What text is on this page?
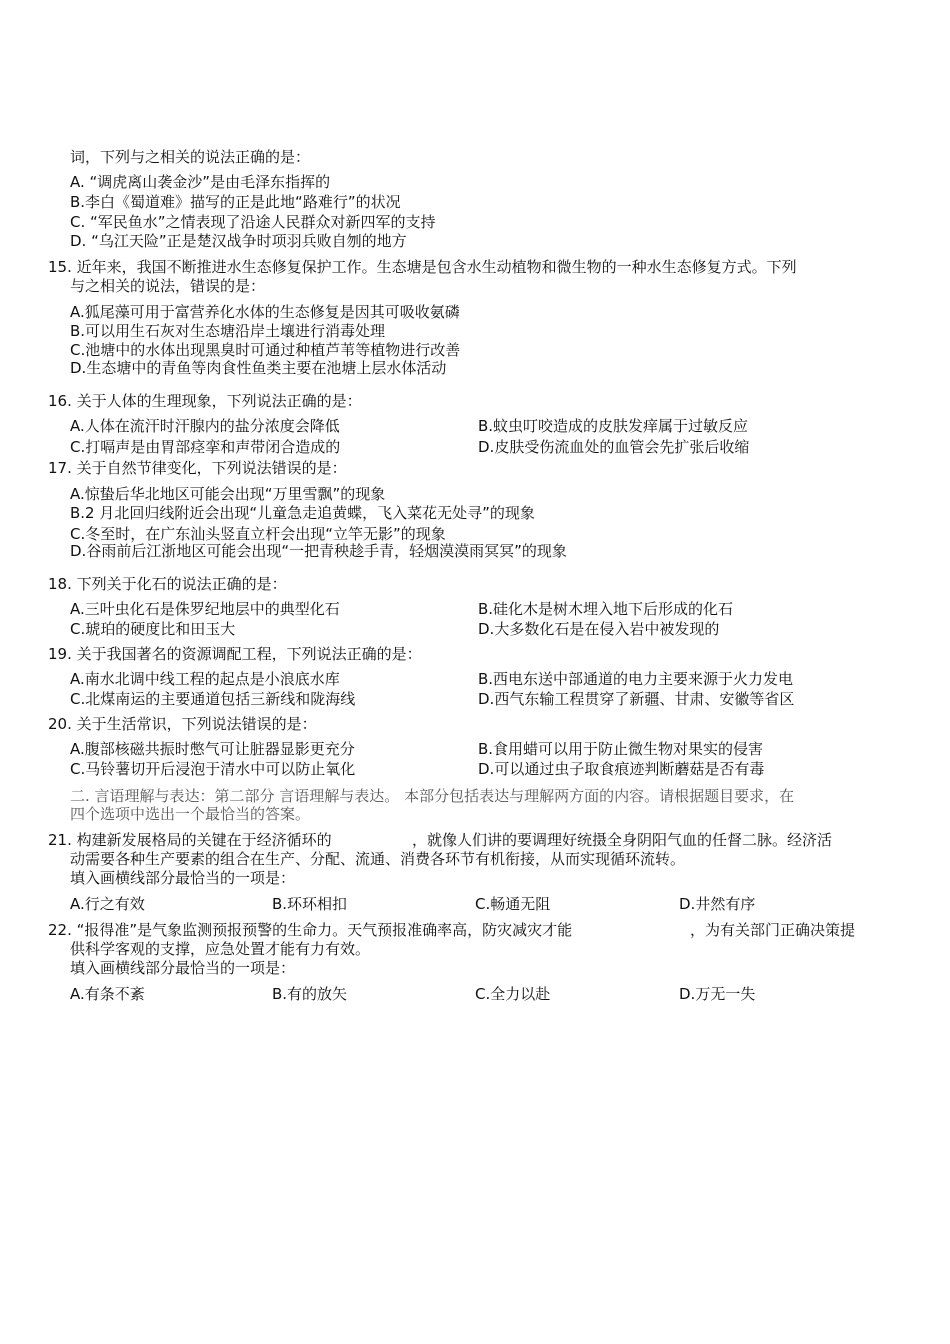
词，下列与之相关的说法正确的是：
A. “调虎离山袭金沙”是由毛泽东指挥的
B.李白《蜀道难》描写的正是此地“路难行”的状况
C. “军民鱼水”之情表现了沿途人民群众对新四军的支持
D. “乌江天险”正是楚汉战争时项羽兵败自刎的地方
15. 近年来，我国不断推进水生态修复保护工作。生态塘是包含水生动植物和微生物的一种水生态修复方式。下列
与之相关的说法，错误的是：
A.狐尾藻可用于富营养化水体的生态修复是因其可吸收氨磷
B.可以用生石灰对生态塘沿岸土壤进行消毒处理
C.池塘中的水体出现黑臭时可通过种植芦苇等植物进行改善
D.生态塘中的青鱼等肉食性鱼类主要在池塘上层水体活动
16. 关于人体的生理现象，下列说法正确的是：
A.人体在流汗时汗腺内的盐分浓度会降低	B.蚊虫叮咬造成的皮肤发痒属于过敏反应
C.打嗝声是由胃部痉挛和声带闭合造成的	D.皮肤受伤流血处的血管会先扩张后收缩
17. 关于自然节律变化，下列说法错误的是：
A.惊蛰后华北地区可能会出现“万里雪飘”的现象
B.2 月北回归线附近会出现“儿童急走追黄蝶，飞入菜花无处寻”的现象
C.冬至时，在广东汕头竖直立杆会出现“立竿无影”的现象
D.谷雨前后江浙地区可能会出现“一把青秧趁手青，轻烟漠漠雨冥冥”的现象
18. 下列关于化石的说法正确的是：
A.三叶虫化石是侏罗纪地层中的典型化石	B.硅化木是树木埋入地下后形成的化石
C.琥珀的硬度比和田玉大	D.大多数化石是在侵入岩中被发现的
19. 关于我国著名的资源调配工程，下列说法正确的是：
A.南水北调中线工程的起点是小浪底水库	B.西电东送中部通道的电力主要来源于火力发电
C.北煤南运的主要通道包括三新线和陇海线	D.西气东输工程贯穿了新疆、甘肃、安徽等省区
20. 关于生活常识，下列说法错误的是：
A.腹部核磁共振时憋气可让脏器显影更充分	B.食用蜡可以用于防止微生物对果实的侵害
C.马铃薯切开后浸泡于清水中可以防止氧化	D.可以通过虫子取食痕迹判断蘑菇是否有毒
二. 言语理解与表达：第二部分 言语理解与表达。 本部分包括表达与理解两方面的内容。请根据题目要求，在
四个选项中选出一个最恰当的答案。
21. 构建新发展格局的关键在于经济循环的	，就像人们讲的要调理好统摄全身阴阳气血的任督二脉。经济活
动需要各种生产要素的组合在生产、分配、流通、消费各环节有机衔接，从而实现循环流转。
填入画横线部分最恰当的一项是：
A.行之有效	B.环环相扣	C.畅通无阻	D.井然有序
22. “报得准”是气象监测预报预警的生命力。天气预报准确率高，防灾减灾才能	，为有关部门正确决策提
供科学客观的支撑，应急处置才能有力有效。
填入画横线部分最恰当的一项是：
A.有条不紊	B.有的放矢	C.全力以赴	D.万无一失
